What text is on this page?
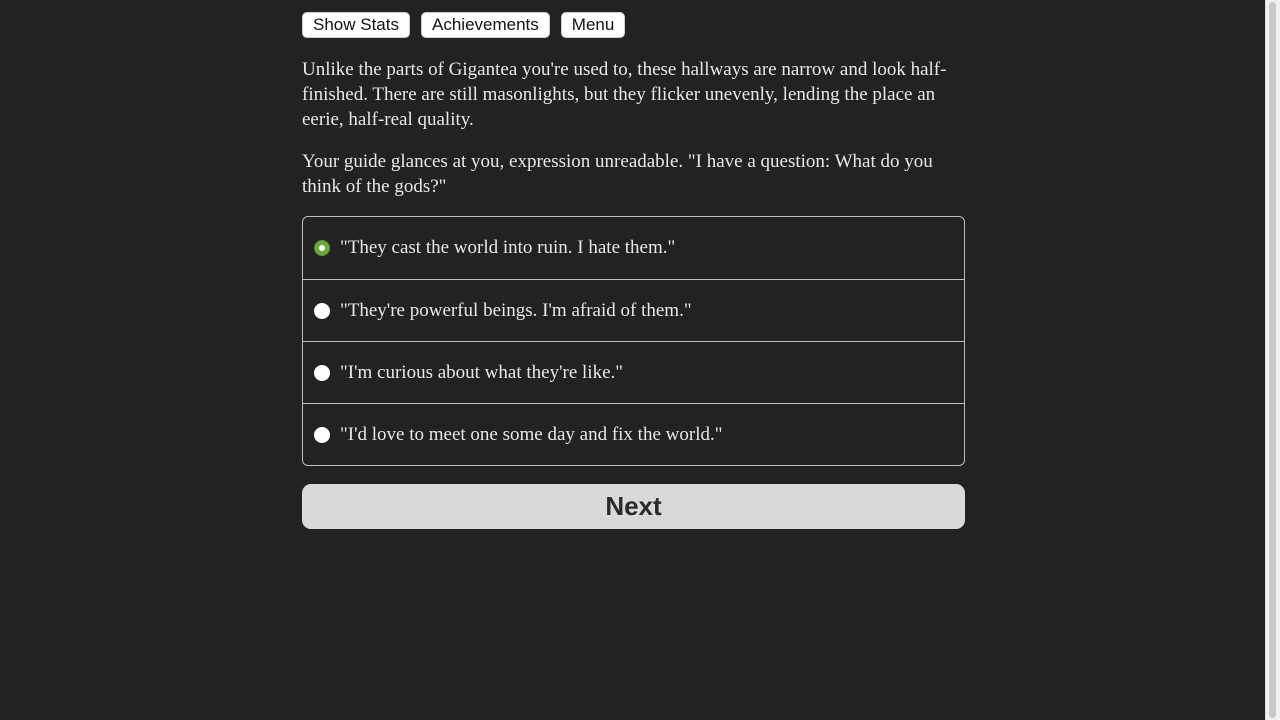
Show Stats	Achievements	Menu

Unlike the parts of Gigantea you're used to, these hallways are narrow and look half-finished. There are still masonlights, but they flicker unevenly, lending the place an eerie, half-real quality.

Your guide glances at you, expression unreadable. "I have a question: What do you think of the gods?"

"They cast the world into ruin. I hate them."
"They're powerful beings. I'm afraid of them."
"I'm curious about what they're like."
"I'd love to meet one some day and fix the world."
Next
